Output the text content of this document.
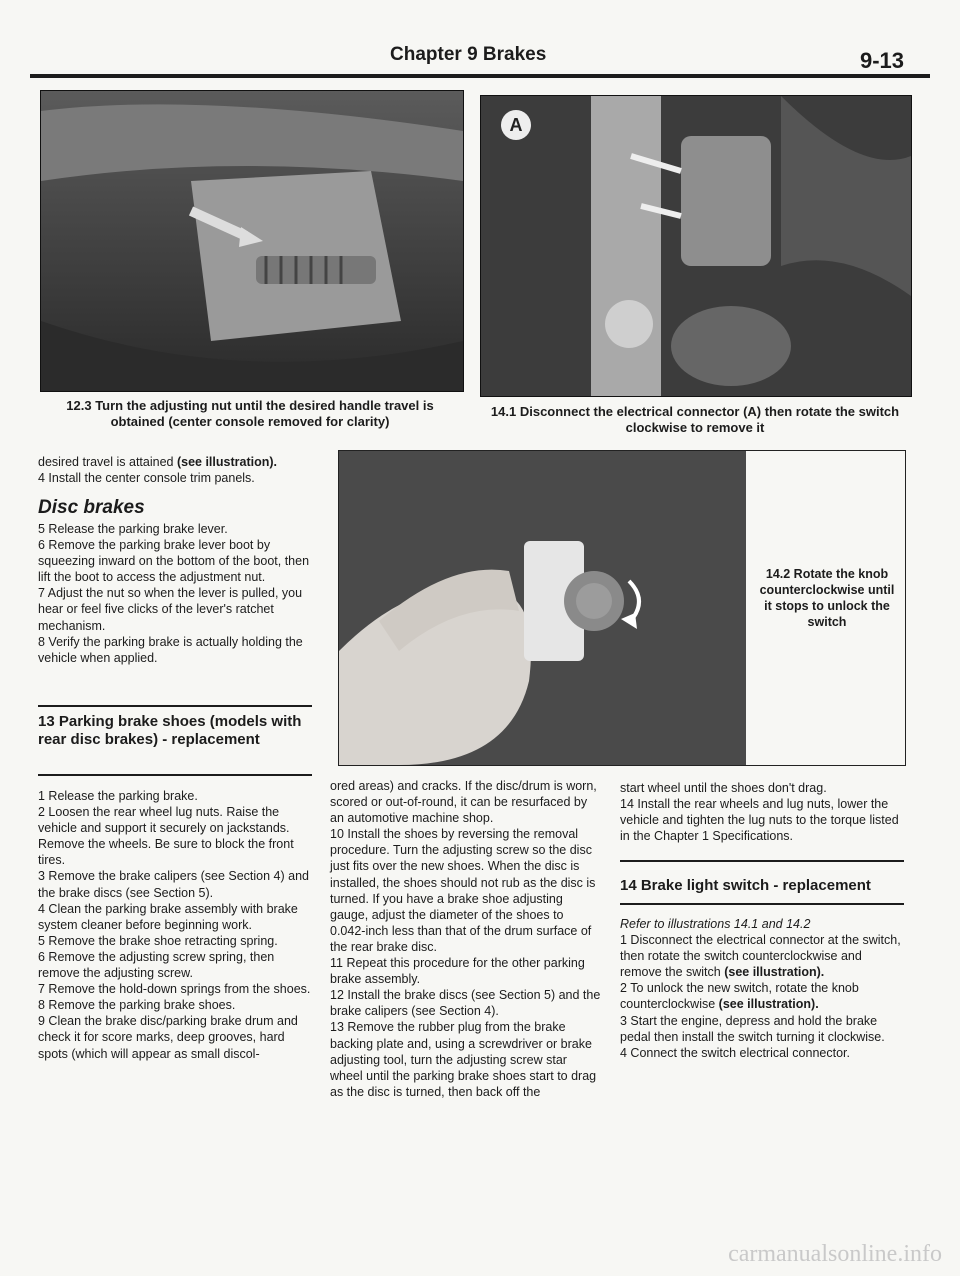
Chapter 9 Brakes	9-13
12.3 Turn the adjusting nut until the desired handle travel is obtained (center console removed for clarity)
A
14.1 Disconnect the electrical connector (A) then rotate the switch clockwise to remove it

desired travel is attained (see illustration).

4 Install the center console trim panels.

Disc brakes

5 Release the parking brake lever.

6 Remove the parking brake lever boot by squeezing inward on the bottom of the boot, then lift the boot to access the adjustment nut.

7 Adjust the nut so when the lever is pulled, you hear or feel five clicks of the lever's ratchet mechanism.

8 Verify the parking brake is actually holding the vehicle when applied.

13 Parking brake shoes (models with rear disc brakes) - replacement

1 Release the parking brake.

2 Loosen the rear wheel lug nuts. Raise the vehicle and support it securely on jackstands. Remove the wheels. Be sure to block the front tires.

3 Remove the brake calipers (see Section 4) and the brake discs (see Section 5).

4 Clean the parking brake assembly with brake system cleaner before beginning work.

5 Remove the brake shoe retracting spring.

6 Remove the adjusting screw spring, then remove the adjusting screw.

7 Remove the hold-down springs from the shoes.

8 Remove the parking brake shoes.

9 Clean the brake disc/parking brake drum and check it for score marks, deep grooves, hard spots (which will appear as small discol-

14.2 Rotate the knob counterclockwise until it stops to unlock the switch

ored areas) and cracks. If the disc/drum is worn, scored or out-of-round, it can be resurfaced by an automotive machine shop.

10 Install the shoes by reversing the removal procedure. Turn the adjusting screw so the disc just fits over the new shoes. When the disc is installed, the shoes should not rub as the disc is turned. If you have a brake shoe adjusting gauge, adjust the diameter of the shoes to 0.042-inch less than that of the drum surface of the rear brake disc.

11 Repeat this procedure for the other parking brake assembly.

12 Install the brake discs (see Section 5) and the brake calipers (see Section 4).

13 Remove the rubber plug from the brake backing plate and, using a screwdriver or brake adjusting tool, turn the adjusting screw star wheel until the parking brake shoes start to drag as the disc is turned, then back off the

start wheel until the shoes don't drag.

14 Install the rear wheels and lug nuts, lower the vehicle and tighten the lug nuts to the torque listed in the Chapter 1 Specifications.

14 Brake light switch - replacement

Refer to illustrations 14.1 and 14.2

1 Disconnect the electrical connector at the switch, then rotate the switch counterclockwise and remove the switch (see illustration).

2 To unlock the new switch, rotate the knob counterclockwise (see illustration).

3 Start the engine, depress and hold the brake pedal then install the switch turning it clockwise.

4 Connect the switch electrical connector.

carmanualsonline.info
